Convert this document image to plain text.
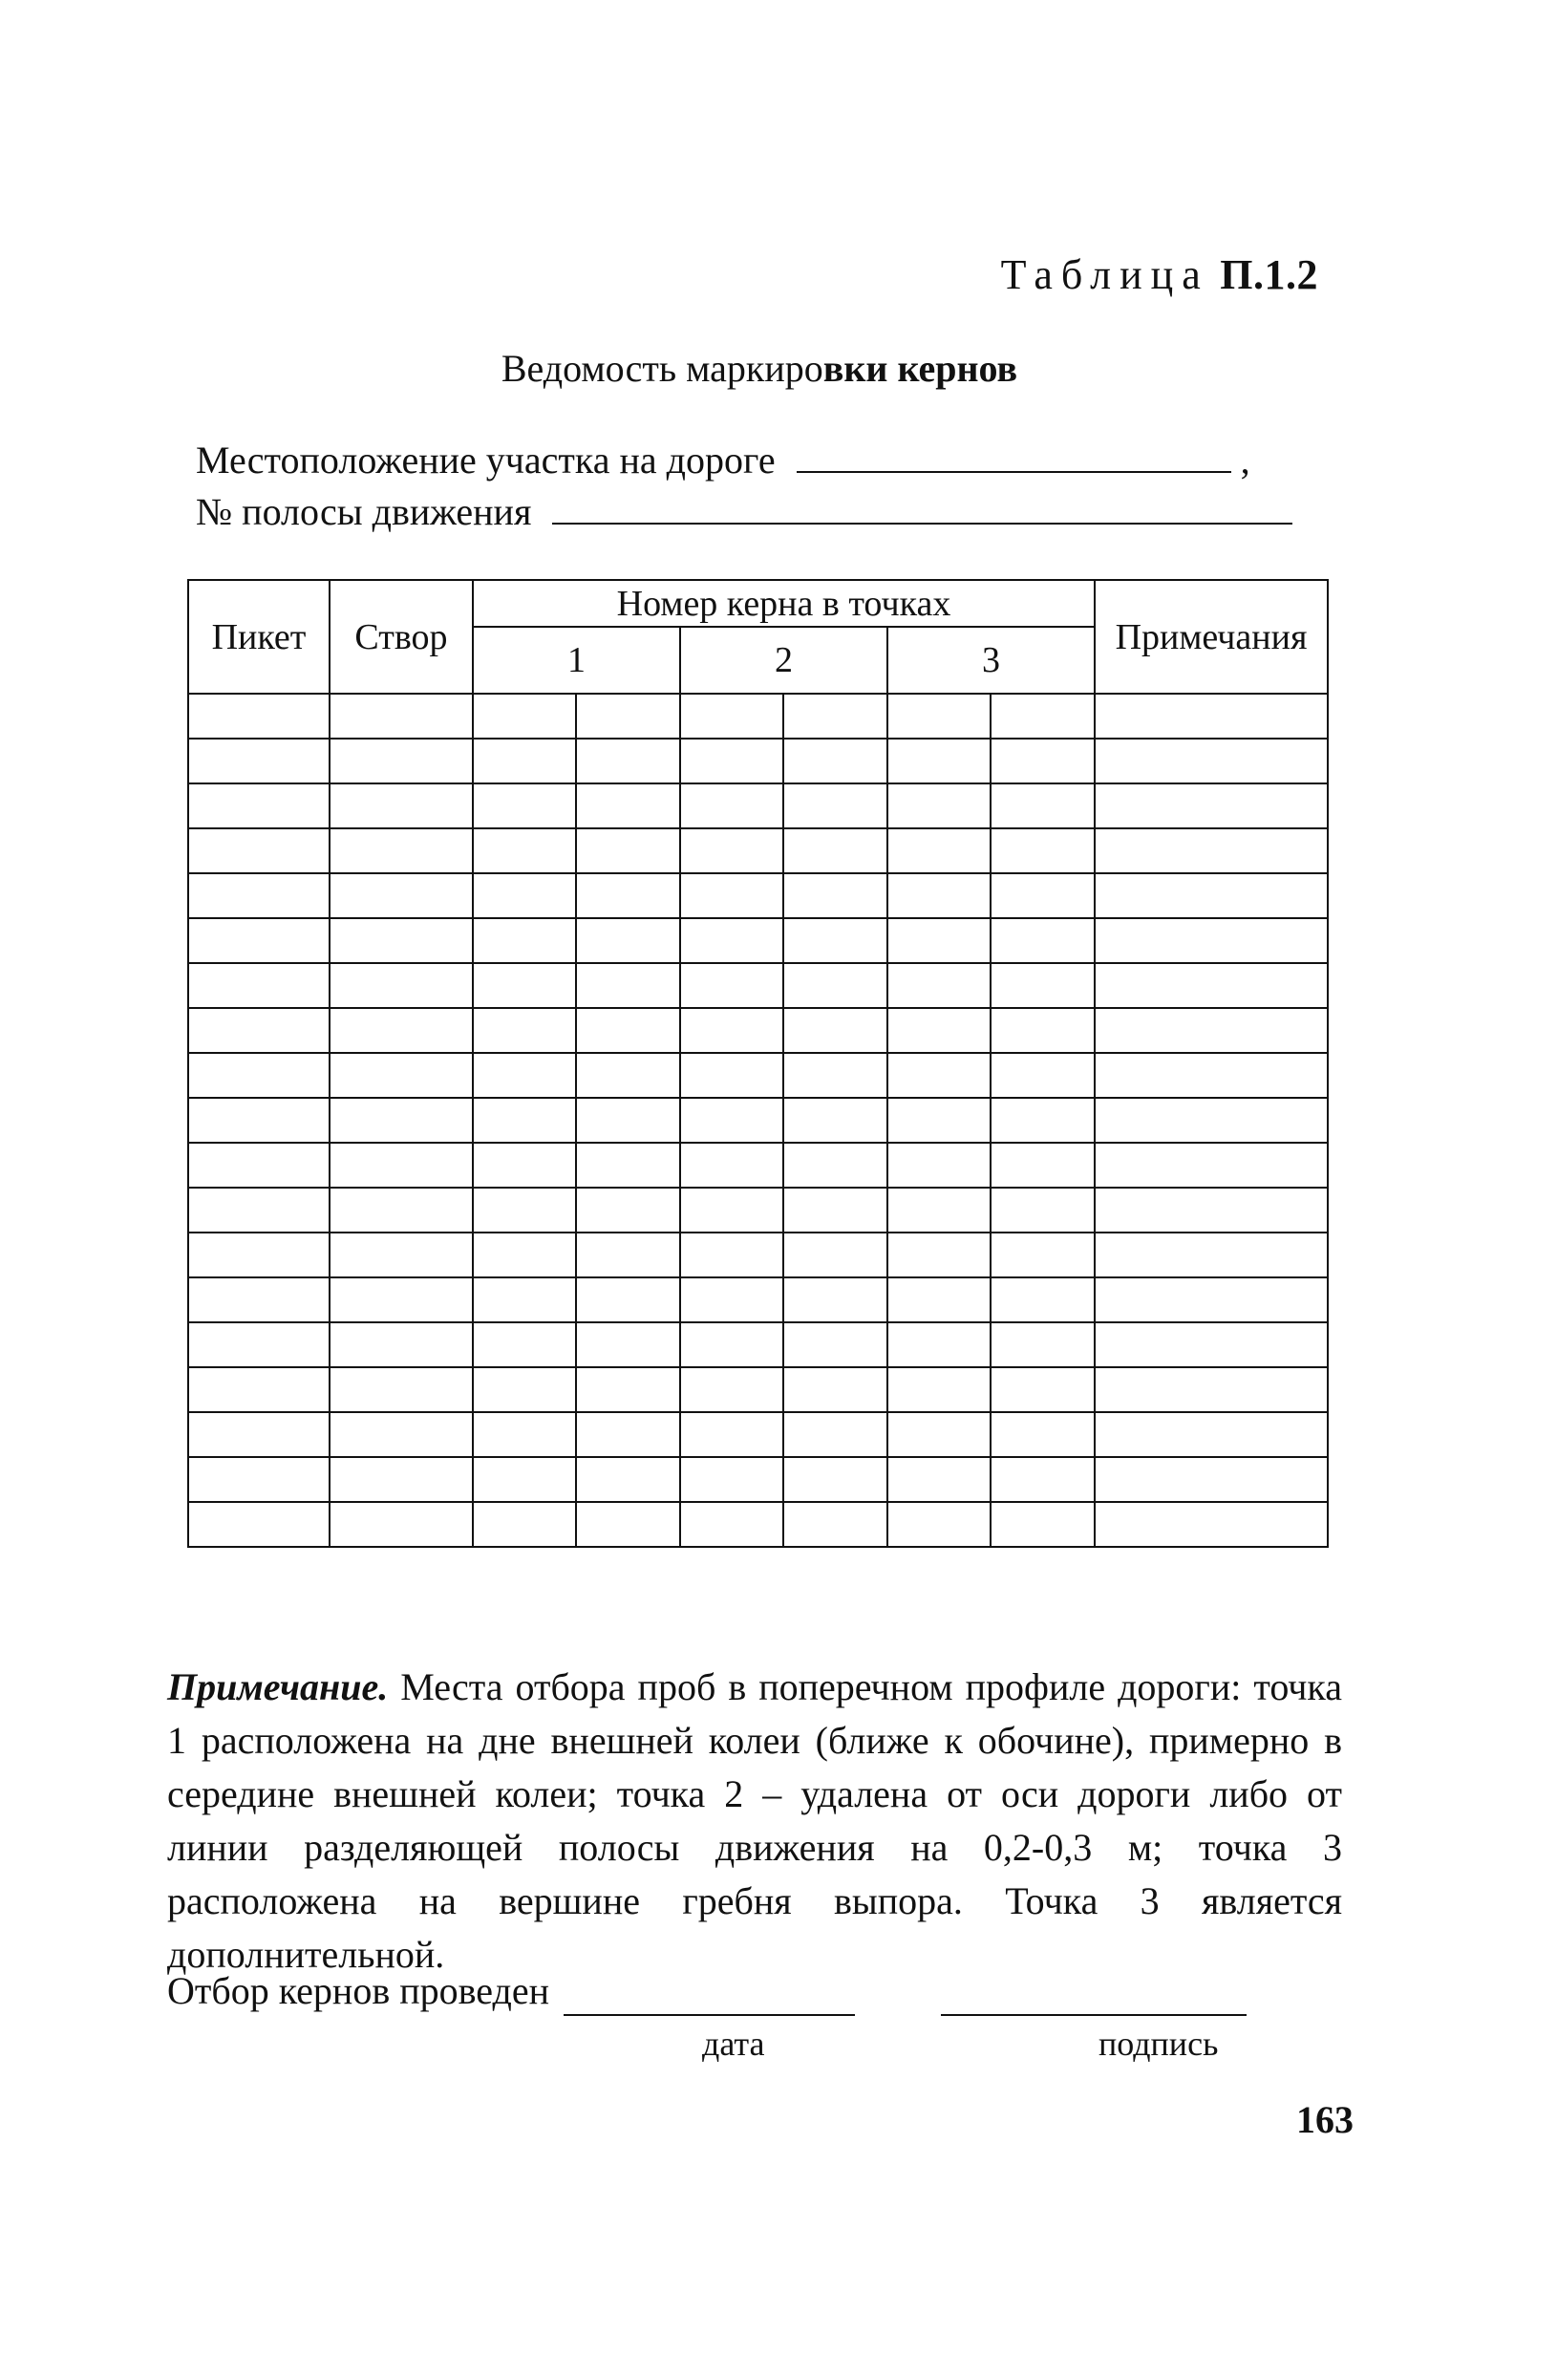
Таблица П.1.2
Ведомость маркировки кернов
Местоположение участка на дороге	,
№ полосы движения
Пикет	Створ	Номер керна в точках						Примечания
		1		2		3		

Примечание. Места отбора проб в поперечном профиле дороги: точка 1 расположена на дне внешней колеи (ближе к обочине), примерно в середине внешней колеи; точка 2 – удалена от оси дороги либо от линии разделяющей полосы движения на 0,2-0,3 м; точка 3 расположена на вершине гребня выпора. Точка 3 является дополнительной.
Отбор кернов проведен
дата	подпись
163
